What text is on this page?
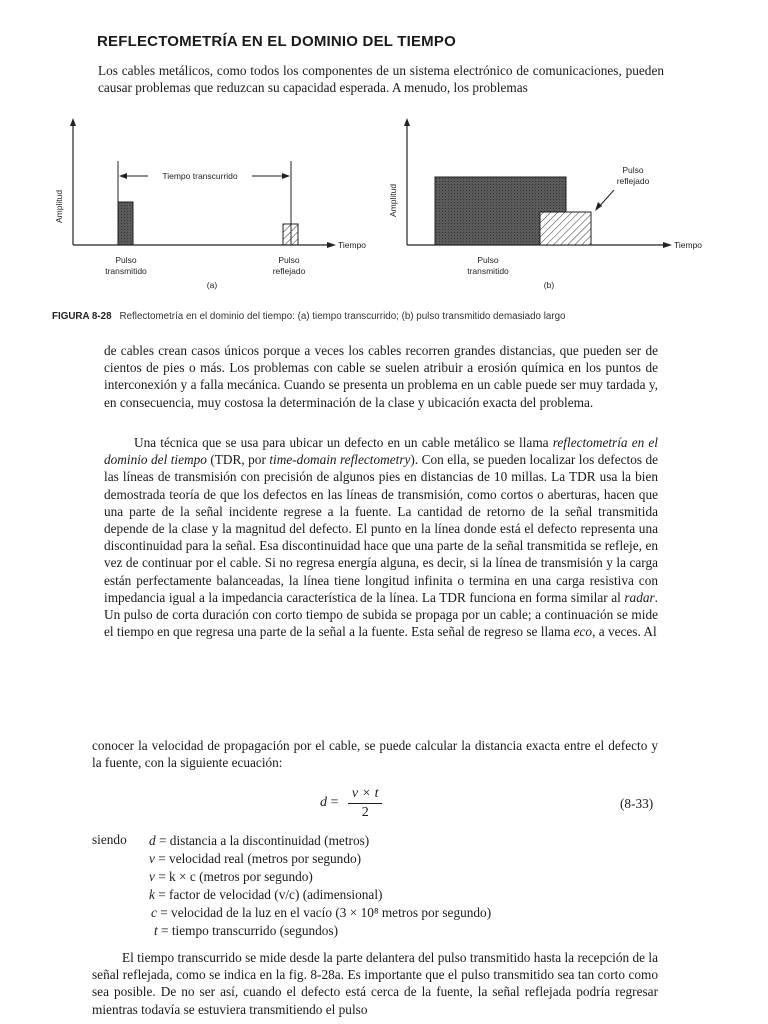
REFLECTOMETRÍA EN EL DOMINIO DEL TIEMPO

Los cables metálicos, como todos los componentes de un sistema electrónico de comunicaciones, pueden causar problemas que reduzcan su capacidad esperada. A menudo, los problemas

Tiempo
Amplitud
Tiempo transcurrido
Pulso
transmitido
Pulso
reflejado
(a)
Tiempo
Amplitud
Pulso
reflejado
Pulso
transmitido
(b)
FIGURA 8-28 Reflectometría en el dominio del tiempo: (a) tiempo transcurrido; (b) pulso transmitido demasiado largo

de cables crean casos únicos porque a veces los cables recorren grandes distancias, que pueden ser de cientos de pies o más. Los problemas con cable se suelen atribuir a erosión química en los puntos de interconexión y a falla mecánica. Cuando se presenta un problema en un cable puede ser muy tardada y, en consecuencia, muy costosa la determinación de la clase y ubicación exacta del problema.

Una técnica que se usa para ubicar un defecto en un cable metálico se llama reflectometría en el dominio del tiempo (TDR, por time-domain reflectometry). Con ella, se pueden localizar los defectos de las líneas de transmisión con precisión de algunos pies en distancias de 10 millas. La TDR usa la bien demostrada teoría de que los defectos en las líneas de transmisión, como cortos o aberturas, hacen que una parte de la señal incidente regrese a la fuente. La cantidad de retorno de la señal transmitida depende de la clase y la magnitud del defecto. El punto en la línea donde está el defecto representa una discontinuidad para la señal. Esa discontinuidad hace que una parte de la señal transmitida se refleje, en vez de continuar por el cable. Si no regresa energía alguna, es decir, si la línea de transmisión y la carga están perfectamente balanceadas, la línea tiene longitud infinita o termina en una carga resistiva con impedancia igual a la impedancia característica de la línea. La TDR funciona en forma similar al radar. Un pulso de corta duración con corto tiempo de subida se propaga por un cable; a continuación se mide el tiempo en que regresa una parte de la señal a la fuente. Esta señal de regreso se llama eco, a veces. Al

conocer la velocidad de propagación por el cable, se puede calcular la distancia exacta entre el defecto y la fuente, con la siguiente ecuación:

$d = \frac{v \times t}{2}$	(8-33)
siendo d = distancia a la discontinuidad (metros)
v = velocidad real (metros por segundo)
v = k × c (metros por segundo)
k = factor de velocidad (v/c) (adimensional)
c = velocidad de la luz en el vacío (3 × 10⁸ metros por segundo)
t = tiempo transcurrido (segundos)

El tiempo transcurrido se mide desde la parte delantera del pulso transmitido hasta la recepción de la señal reflejada, como se indica en la fig. 8-28a. Es importante que el pulso transmitido sea tan corto como sea posible. De no ser así, cuando el defecto está cerca de la fuente, la señal reflejada podría regresar mientras todavía se estuviera transmitiendo el pulso
